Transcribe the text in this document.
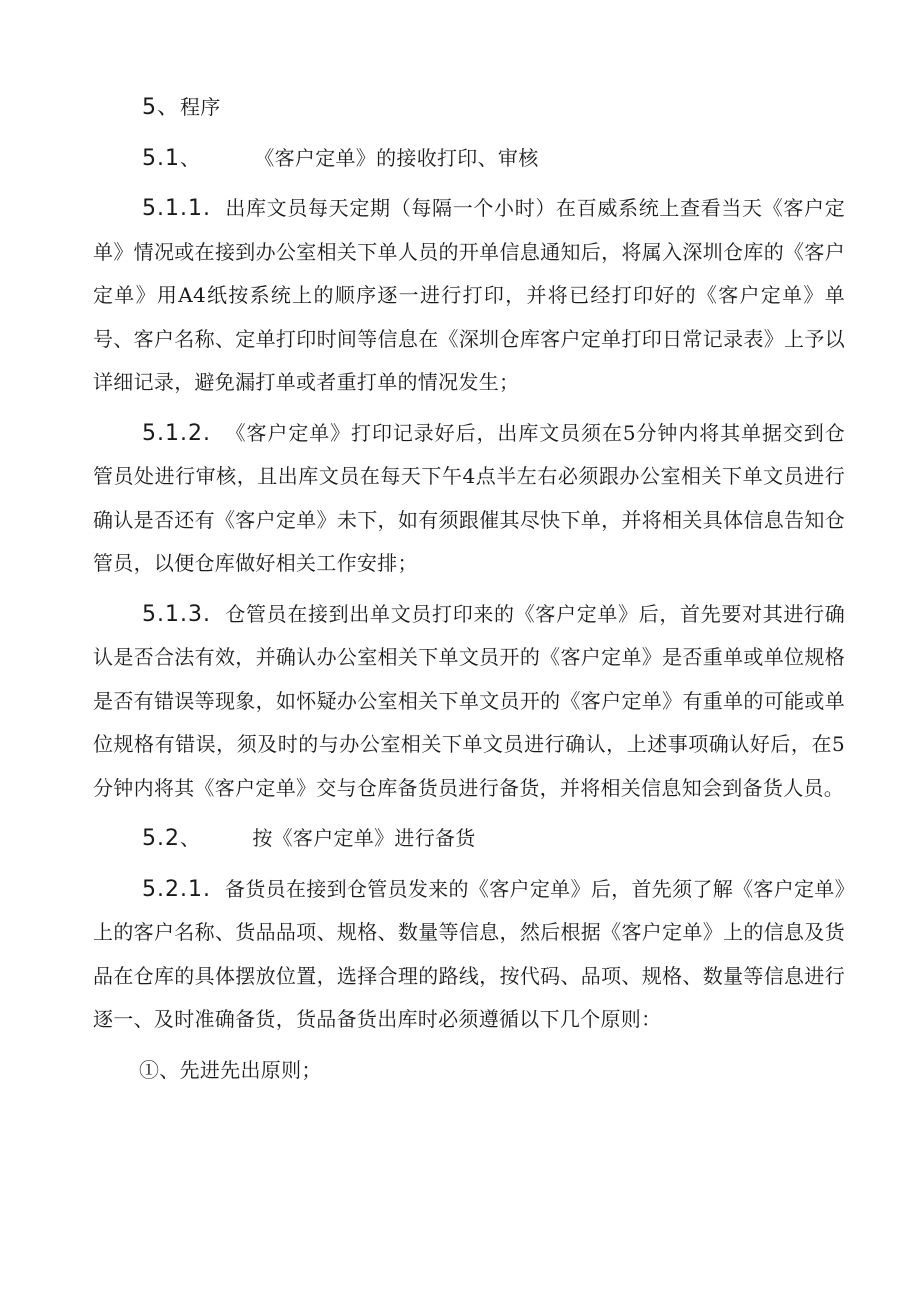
5、程序

5.1、	《客户定单》的接收打印、审核

5.1.1. 出库文员每天定期（每隔一个小时）在百威系统上查看当天《客户定单》情况或在接到办公室相关下单人员的开单信息通知后，将属入深圳仓库的《客户定单》用A4纸按系统上的顺序逐一进行打印，并将已经打印好的《客户定单》单号、客户名称、定单打印时间等信息在《深圳仓库客户定单打印日常记录表》上予以详细记录，避免漏打单或者重打单的情况发生；

5.1.2. 《客户定单》打印记录好后，出库文员须在5分钟内将其单据交到仓管员处进行审核，且出库文员在每天下午4点半左右必须跟办公室相关下单文员进行确认是否还有《客户定单》未下，如有须跟催其尽快下单，并将相关具体信息告知仓管员，以便仓库做好相关工作安排；

5.1.3. 仓管员在接到出单文员打印来的《客户定单》后，首先要对其进行确认是否合法有效，并确认办公室相关下单文员开的《客户定单》是否重单或单位规格是否有错误等现象，如怀疑办公室相关下单文员开的《客户定单》有重单的可能或单位规格有错误，须及时的与办公室相关下单文员进行确认，上述事项确认好后，在5分钟内将其《客户定单》交与仓库备货员进行备货，并将相关信息知会到备货人员。

5.2、	按《客户定单》进行备货

5.2.1. 备货员在接到仓管员发来的《客户定单》后，首先须了解《客户定单》上的客户名称、货品品项、规格、数量等信息，然后根据《客户定单》上的信息及货品在仓库的具体摆放位置，选择合理的路线，按代码、品项、规格、数量等信息进行逐一、及时准确备货，货品备货出库时必须遵循以下几个原则：

①、先进先出原则；
